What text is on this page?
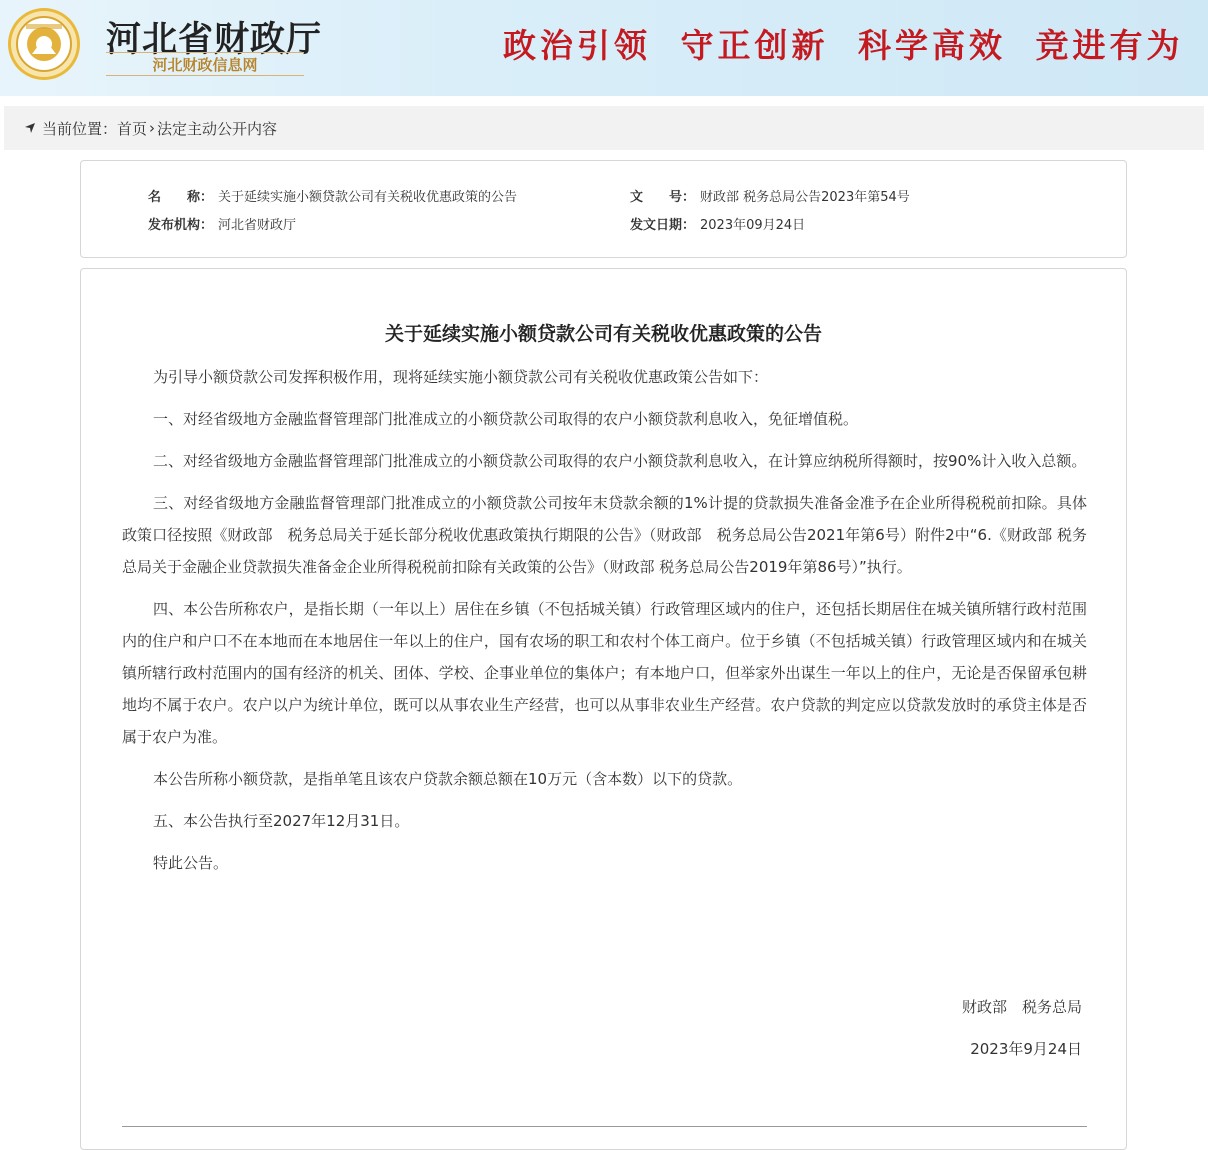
河北省财政厅
河北财政信息网	政治引领 守正创新 科学高效 竞进有为
当前位置： 首页 › 法定主动公开内容
名　　称： 关于延续实施小额贷款公司有关税收优惠政策的公告	文　　号： 财政部 税务总局公告2023年第54号
发布机构： 河北省财政厅	发文日期： 2023年09月24日
关于延续实施小额贷款公司有关税收优惠政策的公告

为引导小额贷款公司发挥积极作用，现将延续实施小额贷款公司有关税收优惠政策公告如下：

一、对经省级地方金融监督管理部门批准成立的小额贷款公司取得的农户小额贷款利息收入，免征增值税。

二、对经省级地方金融监督管理部门批准成立的小额贷款公司取得的农户小额贷款利息收入，在计算应纳税所得额时，按90%计入收入总额。

三、对经省级地方金融监督管理部门批准成立的小额贷款公司按年末贷款余额的1%计提的贷款损失准备金准予在企业所得税税前扣除。具体政策口径按照《财政部　税务总局关于延长部分税收优惠政策执行期限的公告》（财政部　税务总局公告2021年第6号）附件2中“6.《财政部 税务总局关于金融企业贷款损失准备金企业所得税税前扣除有关政策的公告》（财政部 税务总局公告2019年第86号）”执行。

四、本公告所称农户，是指长期（一年以上）居住在乡镇（不包括城关镇）行政管理区域内的住户，还包括长期居住在城关镇所辖行政村范围内的住户和户口不在本地而在本地居住一年以上的住户，国有农场的职工和农村个体工商户。位于乡镇（不包括城关镇）行政管理区域内和在城关镇所辖行政村范围内的国有经济的机关、团体、学校、企事业单位的集体户；有本地户口，但举家外出谋生一年以上的住户，无论是否保留承包耕地均不属于农户。农户以户为统计单位，既可以从事农业生产经营，也可以从事非农业生产经营。农户贷款的判定应以贷款发放时的承贷主体是否属于农户为准。

本公告所称小额贷款，是指单笔且该农户贷款余额总额在10万元（含本数）以下的贷款。

五、本公告执行至2027年12月31日。

特此公告。

财政部　税务总局
2023年9月24日
